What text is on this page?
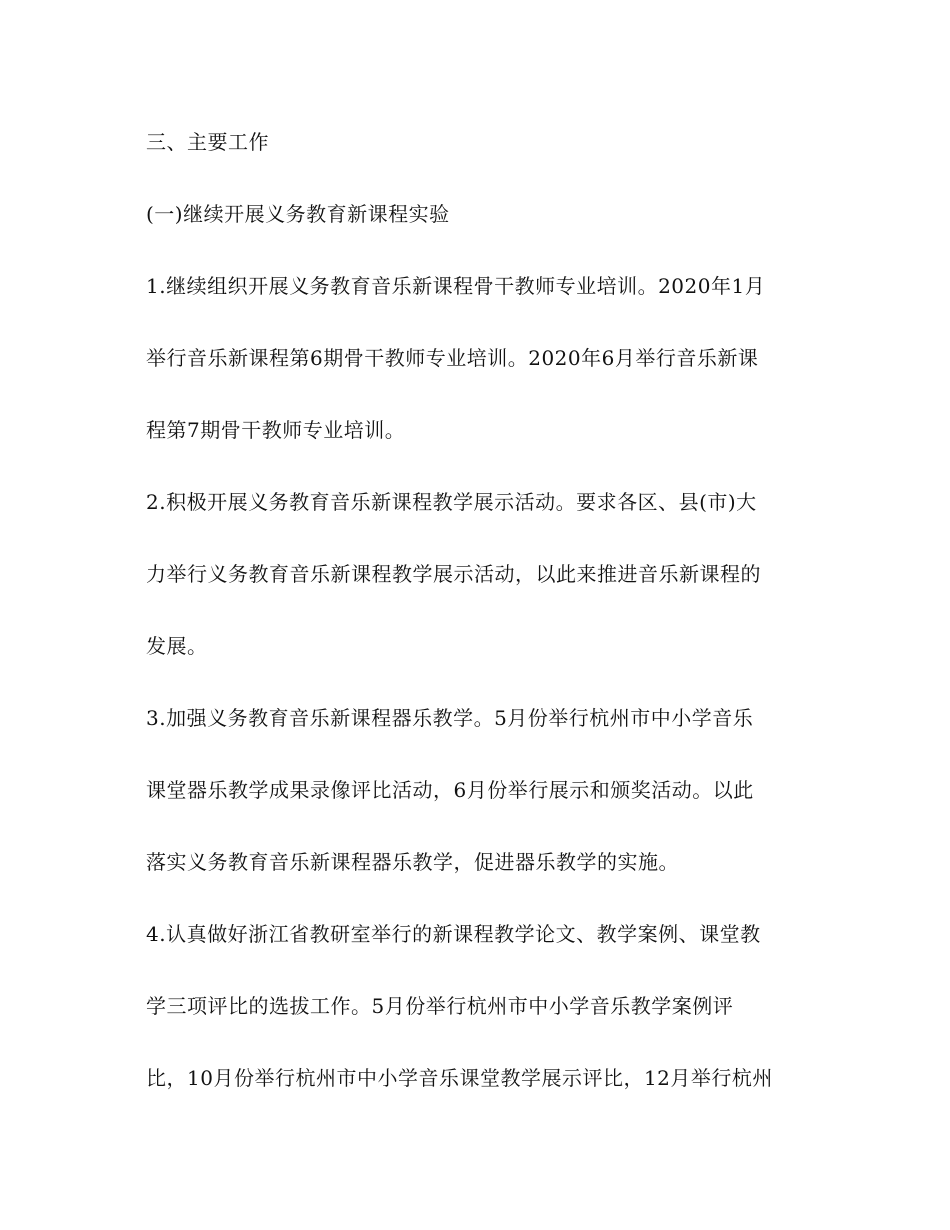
三、主要工作
(一)继续开展义务教育新课程实验
1.继续组织开展义务教育音乐新课程骨干教师专业培训。2020年1月
举行音乐新课程第6期骨干教师专业培训。2020年6月举行音乐新课
程第7期骨干教师专业培训。
2.积极开展义务教育音乐新课程教学展示活动。要求各区、县(市)大
力举行义务教育音乐新课程教学展示活动，以此来推进音乐新课程的
发展。
3.加强义务教育音乐新课程器乐教学。5月份举行杭州市中小学音乐
课堂器乐教学成果录像评比活动，6月份举行展示和颁奖活动。以此
落实义务教育音乐新课程器乐教学，促进器乐教学的实施。
4.认真做好浙江省教研室举行的新课程教学论文、教学案例、课堂教
学三项评比的选拔工作。5月份举行杭州市中小学音乐教学案例评
比，10月份举行杭州市中小学音乐课堂教学展示评比，12月举行杭州
